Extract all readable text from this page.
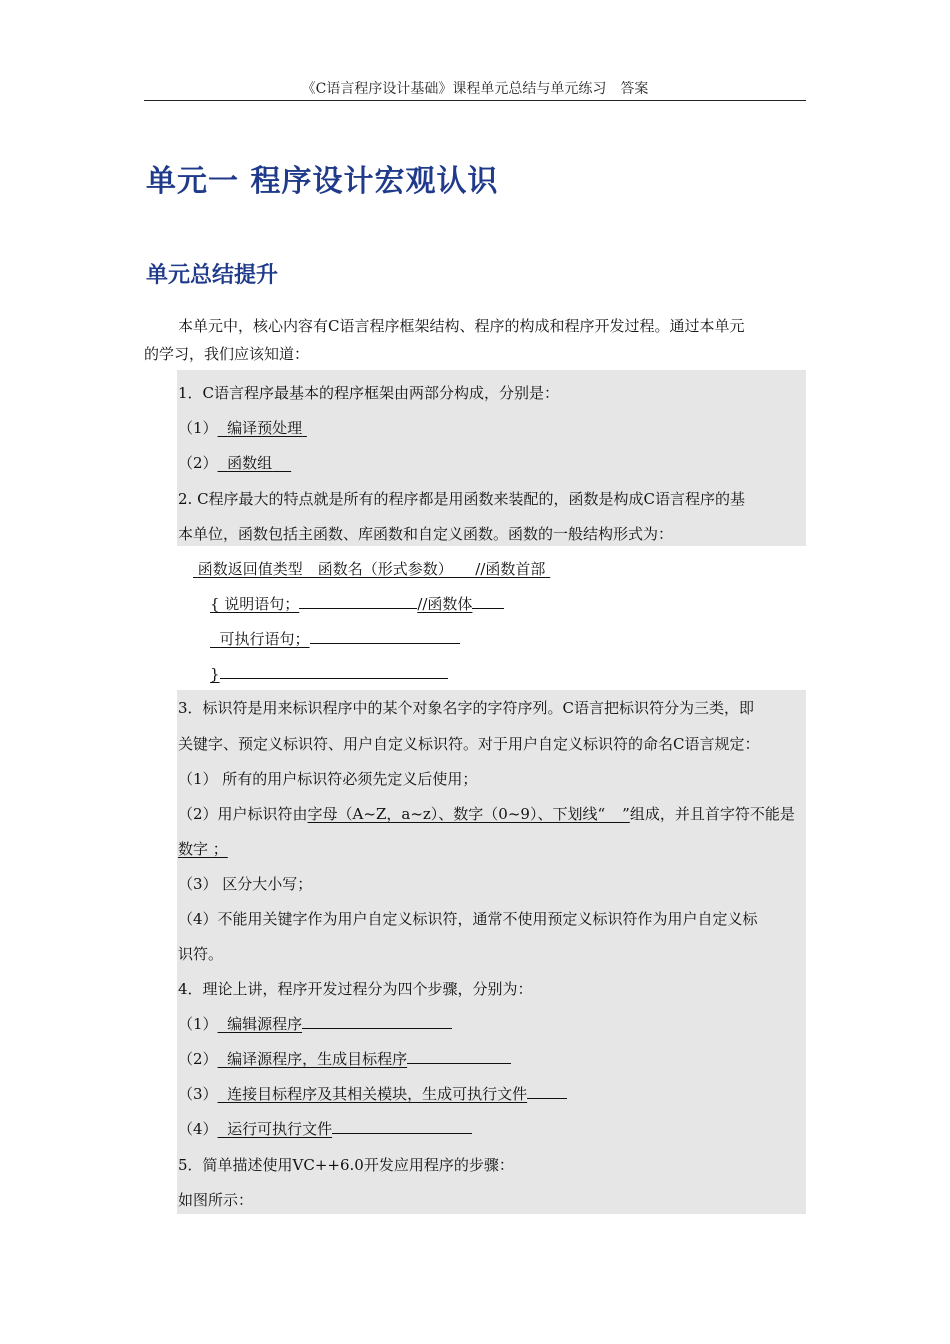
《C语言程序设计基础》课程单元总结与单元练习　答案
单元一 程序设计宏观认识
单元总结提升
本单元中，核心内容有C语言程序框架结构、程序的构成和程序开发过程。通过本单元
的学习，我们应该知道：
1．C语言程序最基本的程序框架由两部分构成，分别是：
（1） 编译预处理
（2） 函数组
2. C程序最大的特点就是所有的程序都是用函数来装配的，函数是构成C语言程序的基
本单位，函数包括主函数、库函数和自定义函数。函数的一般结构形式为：
函数返回值类型　函数名（形式参数）　　//函数首部
{ 说明语句；	//函数体
可执行语句；
}
3．标识符是用来标识程序中的某个对象名字的字符序列。C语言把标识符分为三类，即
关键字、预定义标识符、用户自定义标识符。对于用户自定义标识符的命名C语言规定：
（1） 所有的用户标识符必须先定义后使用；
（2）用户标识符由字母（A~Z，a~z）、数字（0~9）、下划线“ _ ”组成，并且首字符不能是
数字 ；
（3） 区分大小写；
（4）不能用关键字作为用户自定义标识符，通常不使用预定义标识符作为用户自定义标
识符。
4．理论上讲，程序开发过程分为四个步骤，分别为：
（1） 编辑源程序
（2） 编译源程序，生成目标程序
（3） 连接目标程序及其相关模块，生成可执行文件
（4） 运行可执行文件
5．简单描述使用VC++6.0开发应用程序的步骤：
如图所示：
